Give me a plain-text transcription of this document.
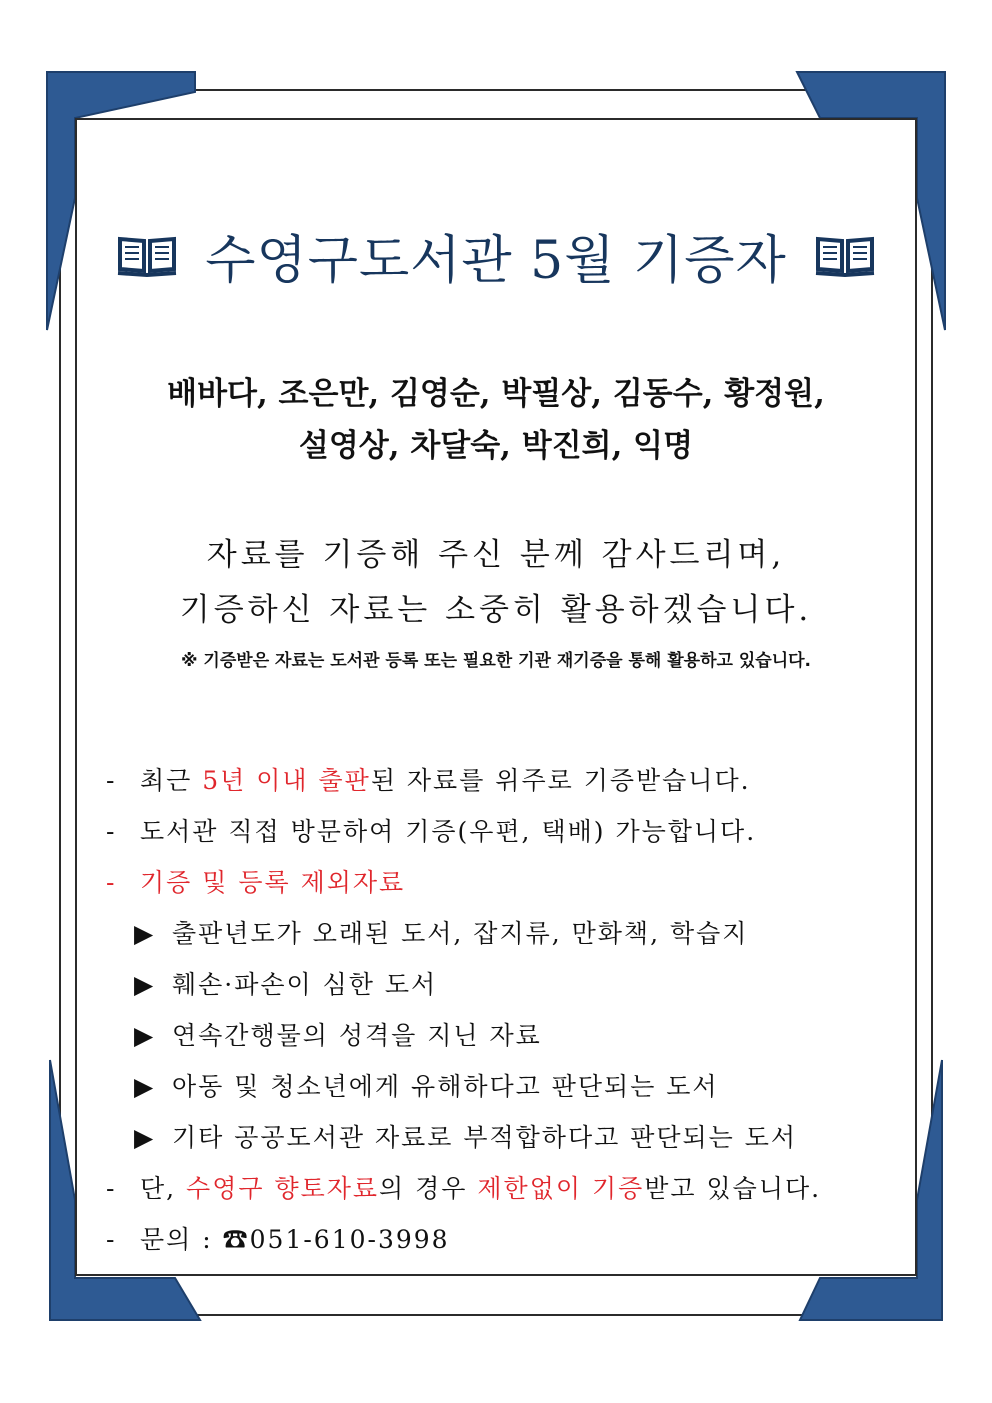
수영구도서관 5월 기증자
배바다, 조은만, 김영순, 박필상, 김동수, 황정원,
설영상, 차달숙, 박진희, 익명
자료를 기증해 주신 분께 감사드리며,
기증하신 자료는 소중히 활용하겠습니다.
※ 기증받은 자료는 도서관 등록 또는 필요한 기관 재기증을 통해 활용하고 있습니다.
- 최근 5년 이내 출판된 자료를 위주로 기증받습니다.
- 도서관 직접 방문하여 기증(우편, 택배) 가능합니다.
- 기증 및 등록 제외자료
▶ 출판년도가 오래된 도서, 잡지류, 만화책, 학습지
▶ 훼손·파손이 심한 도서
▶ 연속간행물의 성격을 지닌 자료
▶ 아동 및 청소년에게 유해하다고 판단되는 도서
▶ 기타 공공도서관 자료로 부적합하다고 판단되는 도서
- 단, 수영구 향토자료의 경우 제한없이 기증받고 있습니다.
- 문의 : ☎051-610-3998
